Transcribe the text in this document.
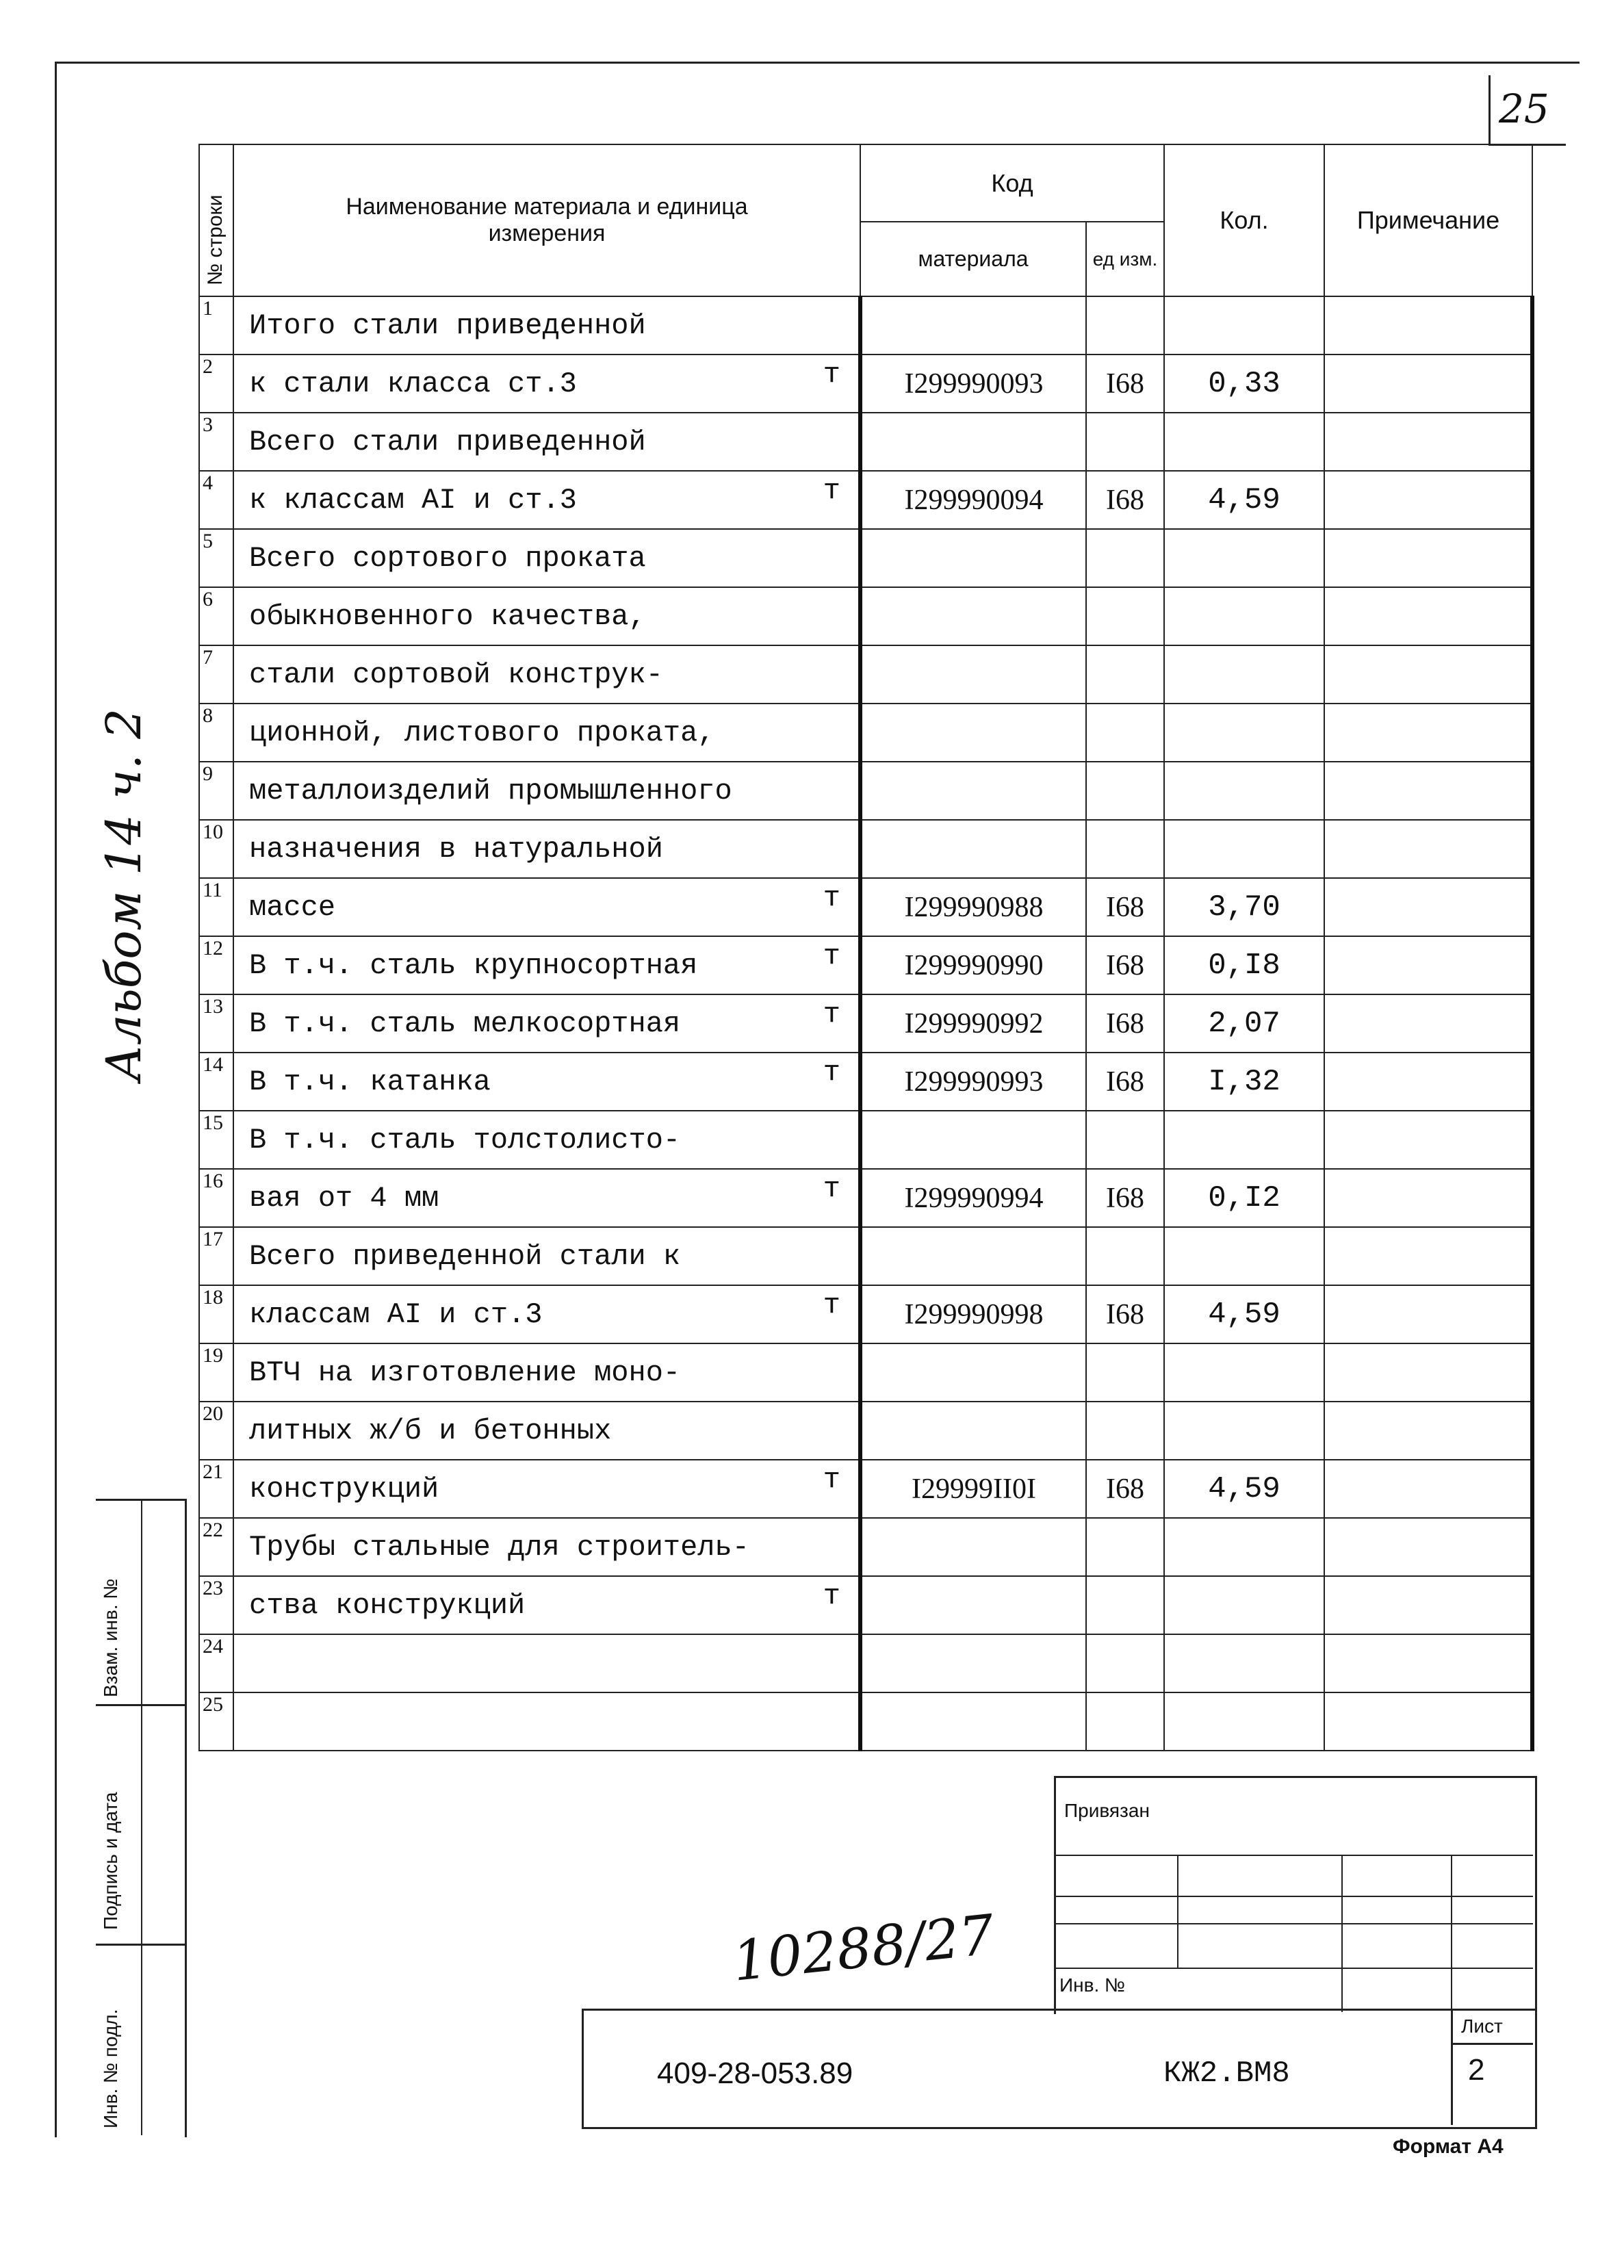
25
Альбом 14 ч. 2
№ строки	Наименование материала и единица измерения	Код		Кол.	Примечание
		материала	ед изм.		
1	Итого стали приведенной

2	к стали класса ст.3 т	I299990093	I68	0,33	
3	Всего стали приведенной

4	к классам АI и ст.3 т	I299990094	I68	4,59	
5	Всего сортового проката

6	обыкновенного качества,

7	стали сортовой конструк-

8	ционной, листового проката,

9	металлоизделий промышленного

10	назначения в натуральной

11	массе т	I299990988	I68	3,70	
12	В т.ч. сталь крупносортная т	I299990990	I68	0,I8	
13	В т.ч. сталь мелкосортная т	I299990992	I68	2,07	
14	В т.ч. катанка т	I299990993	I68	I,32	
15	В т.ч. сталь толстолисто-

16	вая от 4 мм т	I299990994	I68	0,I2	
17	Всего приведенной стали к

18	классам АI и ст.3 т	I299990998	I68	4,59	
19	ВТЧ на изготовление моно-

20	литных ж/б и бетонных

21	конструкций т	I29999II0I	I68	4,59	
22	Трубы стальные для строитель-

23	ства конструкций т				

24	

25	

Взам. инв. №
Подпись и дата
Инв. № подл.
Привязан
Инв. №
Лист
2
409-28-053.89	КЖ2.ВМ8
10288/27
Формат А4
